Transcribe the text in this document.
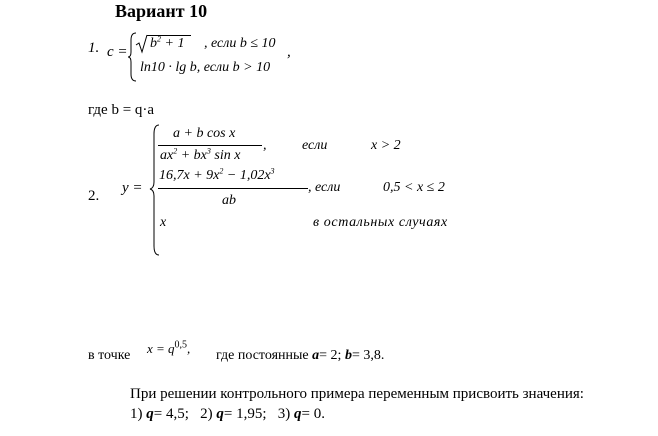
Вариант 10
1. c =
$b^2 + 1$ , если b ≤ 10
ln10 · lg b, если b > 10
,
где b = q·a
2. y =
a + b cos x
$ax^2 + bx^3$ sin x
,	если	x > 2
$16,7x + 9x^2 - 1,02x^3$
ab
, если	0,5 < x ≤ 2
x	в остальных случаях
в точке $x = q^{0,5}$, где постоянные a= 2; b= 3,8.
При решении контрольного примера переменным присвоить значения:
1) q= 4,5; 2) q= 1,95; 3) q= 0.
